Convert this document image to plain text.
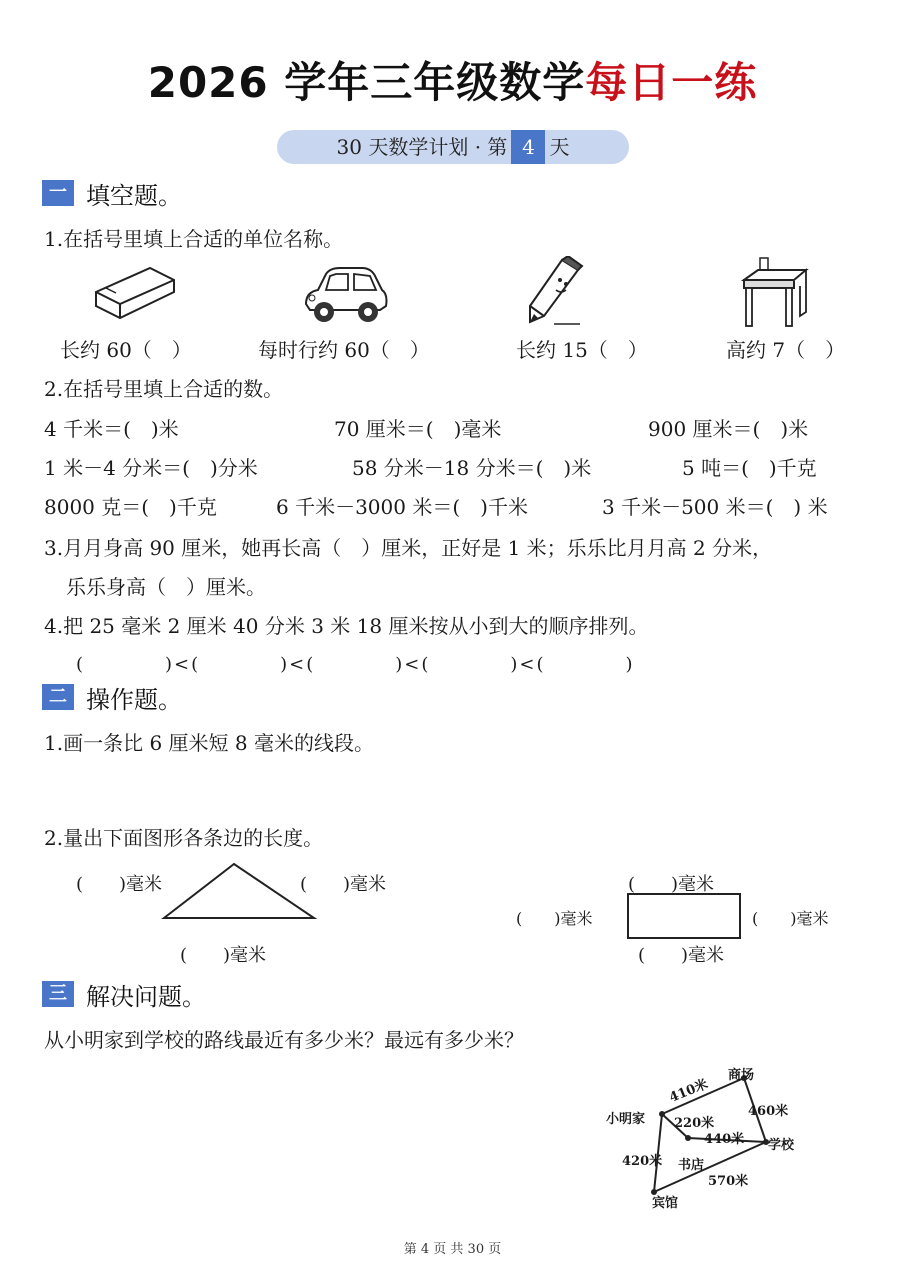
2026 学年三年级数学每日一练
30 天数学计划 · 第 4 天
一 填空题。
1.在括号里填上合适的单位名称。
长约 60（　）	每时行约 60（　）	长约 15（　）	高约 7（　）
2.在括号里填上合适的数。
4 千米＝(　)米	70 厘米＝(　)毫米	900 厘米＝(　)米
1 米－4 分米＝(　)分米	58 分米－18 分米＝(　)米	5 吨＝(　)千克
8000 克＝(　)千克	6 千米－3000 米＝(　)千米	3 千米－500 米＝(　) 米
3.月月身高 90 厘米，她再长高（　）厘米，正好是 1 米；乐乐比月月高 2 分米，
乐乐身高（　）厘米。
4.把 25 毫米 2 厘米 40 分米 3 米 18 厘米按从小到大的顺序排列。
(　　　　)<(　　　　)<(　　　　)<(　　　　)<(　　　　)
二 操作题。
1.画一条比 6 厘米短 8 毫米的线段。
2.量出下面图形各条边的长度。
(　　)毫米	(　　)毫米
(　　)毫米
(　　)毫米
(　　)毫米	(　　)毫米
(　　)毫米
三 解决问题。
从小明家到学校的路线最近有多少米？最远有多少米？
小明家
商场
学校
书店
宾馆
410米
460米
220米
440米
420米
570米
第 4 页 共 30 页
